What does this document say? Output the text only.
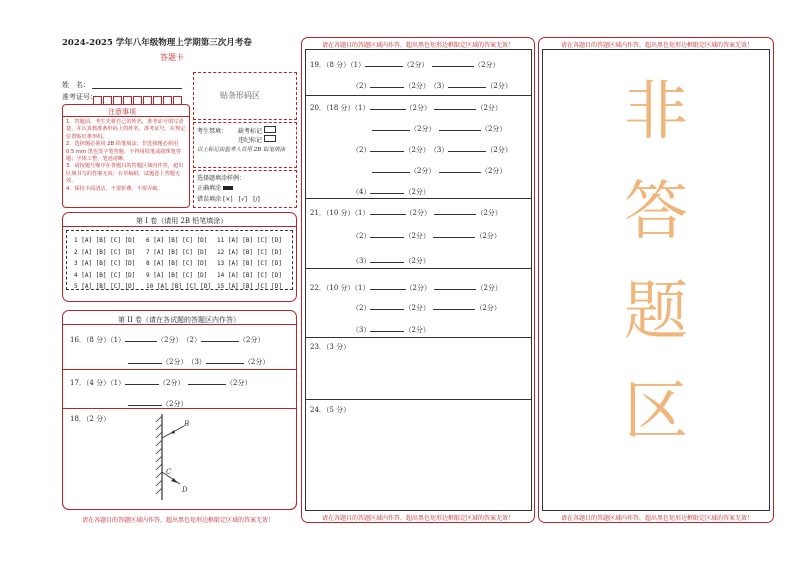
2024-2025 学年八年级物理上学期第三次月考卷
答题卡
姓　名：
准考证号：
注意事项
1．答题前，考生先将自己的姓名，准考证号填写清楚，并认真核准条形码上的姓名、准考证号，在规定位置贴好条形码。
2．选择题必须用 2B 铅笔填涂；非选择题必须用 0.5 mm 黑色签字笔答题，不得用铅笔或圆珠笔答题；字体工整、笔迹清晰。
3．请按题号顺序在各题目的答题区域内作答，超出区域书写的答案无效；在草稿纸、试题卷上答题无效。
4．保持卡面清洁，不要折叠、不要弄破。
贴条形码区
考生禁填： 缺考标记
违纪标记
以上标记由监考人员用 2B 铅笔填涂
选择题填涂样例：
正确填涂
错误填涂 [×]　[√]　[/]
第 I 卷（请用 2B 铅笔填涂）
1 [A] [B] [C] [D]
2 [A] [B] [C] [D]
3 [A] [B] [C] [D]
4 [A] [B] [C] [D]
5 [A] [B] [C] [D]
6 [A] [B] [C] [D]
7 [A] [B] [C] [D]
8 [A] [B] [C] [D]
9 [A] [B] [C] [D]
10 [A] [B] [C] [D]
11 [A] [B] [C] [D]
12 [A] [B] [C] [D]
13 [A] [B] [C] [D]
14 [A] [B] [C] [D]
15 [A] [B] [C] [D]
第 II 卷（请在各试题的答题区内作答）
16．（8 分）（1）	（2分）　 （2）	（2分）
（2分）　 （3）	（2分）
17．（4 分）（1）	（2分）　	（2分）
（2分）
18．（2 分）
B
C
D
请在各题目的答题区域内作答，超出黑色矩形边框限定区域的答案无效！
请在各题目的答题区域内作答，超出黑色矩形边框限定区域的答案无效！
请在各题目的答题区域内作答，超出黑色矩形边框限定区域的答案无效！
19．（8 分）（1）	（2分）　	（2分）
（2）	（2分）　 （3）	（2分）
20．（18 分）（1）	（2分）　	（2分）
（2分）　	（2分）
（2）	（2分）　 （3）	（2分）
（2分）　	（2分）
（4）	（2分）
21．（10 分）（1）	（2分）　	（2分）
（2）	（2分）　	（2分）
（3）	（2分）
22．（10 分）（1）	（2分）　	（2分）
（2）	（2分）　	（2分）
（3）	（2分）
23．（3 分）
24．（5 分）
请在各题目的答题区域内作答，超出黑色矩形边框限定区域的答案无效！
请在各题目的答题区域内作答，超出黑色矩形边框限定区域的答案无效！
非
答
题
区
